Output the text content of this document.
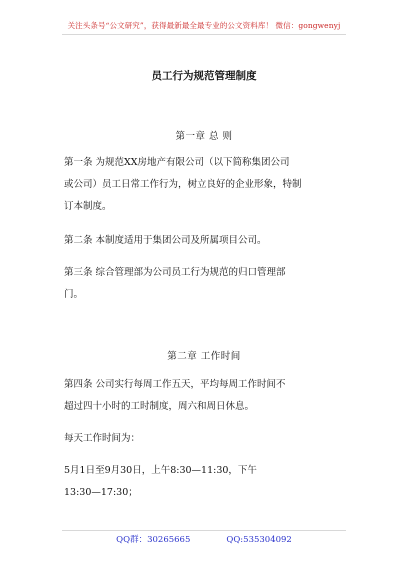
关注头条号“公文研究”，获得最新最全最专业的公文资料库！ 微信：gongwenyj
员工行为规范管理制度
第一章 总 则
第一条 为规范XX房地产有限公司（以下简称集团公司
或公司）员工日常工作行为，树立良好的企业形象，特制
订本制度。
第二条 本制度适用于集团公司及所属项目公司。
第三条 综合管理部为公司员工行为规范的归口管理部
门。
第二章 工作时间
第四条 公司实行每周工作五天，平均每周工作时间不
超过四十小时的工时制度，周六和周日休息。
每天工作时间为：
5月1日至9月30日，上午8:30—11:30，下午
13:30—17:30；
QQ群：30265665	QQ:535304092
